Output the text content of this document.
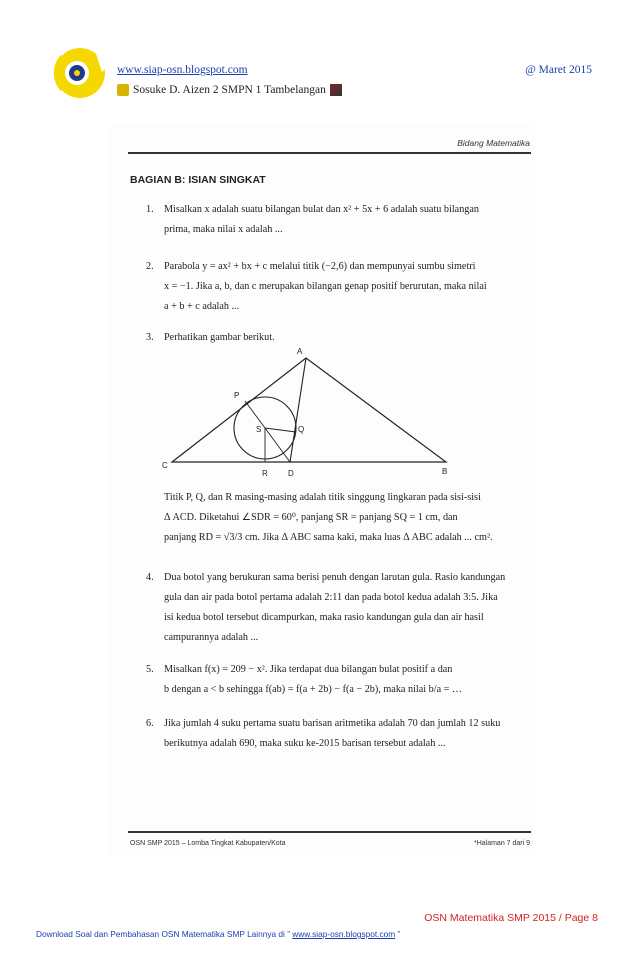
www.siap-osn.blogspot.com	@ Maret 2015
Sosuke D. Aizen 2 SMPN 1 Tambelangan
Bidang Matematika
BAGIAN B: ISIAN SINGKAT
1. Misalkan x adalah suatu bilangan bulat dan x² + 5x + 6 adalah suatu bilangan
prima, maka nilai x adalah ...
2. Parabola y = ax² + bx + c melalui titik (−2,6) dan mempunyai sumbu simetri
x = −1. Jika a, b, dan c merupakan bilangan genap positif berurutan, maka nilai
a + b + c adalah ...
3. Perhatikan gambar berikut.
A
B
C
P
Q
S
R	D
Titik P, Q, dan R masing-masing adalah titik singgung lingkaran pada sisi-sisi
Δ ACD. Diketahui ∠SDR = 60⁰, panjang SR = panjang SQ = 1 cm, dan
panjang RD = √3/3 cm. Jika Δ ABC sama kaki, maka luas Δ ABC adalah ... cm².
4. Dua botol yang berukuran sama berisi penuh dengan larutan gula. Rasio kandungan
gula dan air pada botol pertama adalah 2:11 dan pada botol kedua adalah 3:5. Jika
isi kedua botol tersebut dicampurkan, maka rasio kandungan gula dan air hasil
campurannya adalah ...
5. Misalkan f(x) = 209 − x². Jika terdapat dua bilangan bulat positif a dan
b dengan a < b sehingga f(ab) = f(a + 2b) − f(a − 2b), maka nilai b/a = …
6. Jika jumlah 4 suku pertama suatu barisan aritmetika adalah 70 dan jumlah 12 suku
berikutnya adalah 690, maka suku ke-2015 barisan tersebut adalah ...
OSN SMP 2015 – Lomba Tingkat Kabupaten/Kota	*Halaman 7 dari 9
OSN Matematika SMP 2015 / Page 8
Download Soal dan Pembahasan OSN Matematika SMP Lainnya di ” www.siap-osn.blogspot.com ”
